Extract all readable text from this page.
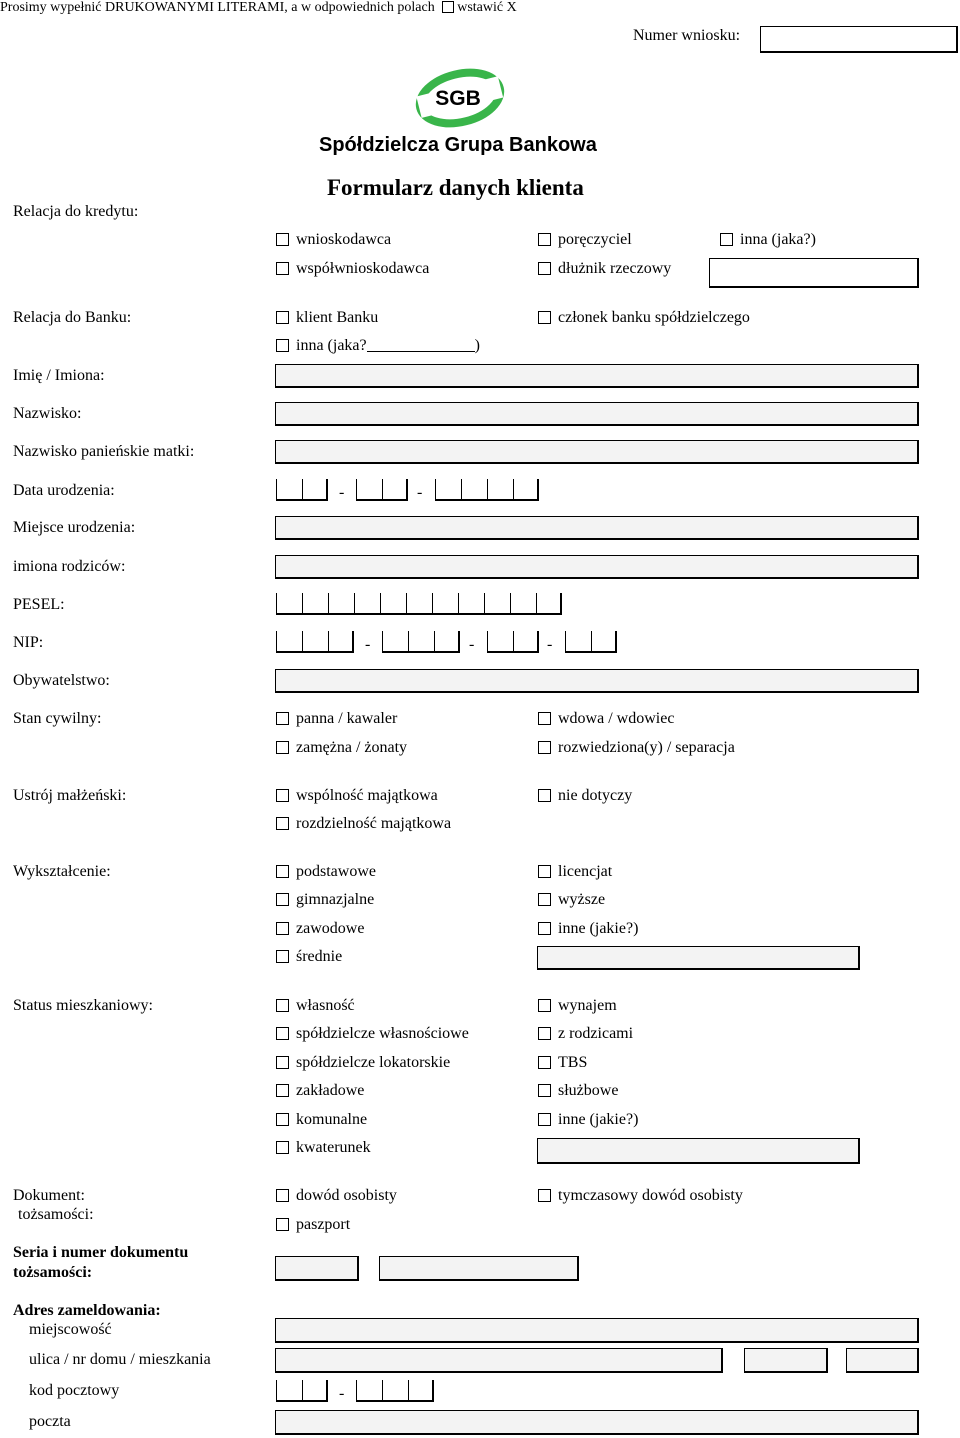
Prosimy wypełnić DRUKOWANYMI LITERAMI, a w odpowiednich polach wstawić X
Numer wniosku:
SGB
Spółdzielcza Grupa Bankowa
Formularz danych klienta
Relacja do kredytu:
wnioskodawca	poręczyciel	inna (jaka?)
współwnioskodawca	dłużnik rzeczowy
Relacja do Banku:	klient Banku	członek banku spółdzielczego
inna (jaka?	)
Imię / Imiona:
Nazwisko:
Nazwisko panieńskie matki:
Data urodzenia:	-	-
Miejsce urodzenia:
imiona rodziców:
PESEL:
NIP:	-	-	-
Obywatelstwo:
Stan cywilny:	panna / kawaler	wdowa / wdowiec
zamężna / żonaty	rozwiedziona(y) / separacja
Ustrój małżeński:	wspólność majątkowa	nie dotyczy
rozdzielność majątkowa
Wykształcenie:	podstawowe	licencjat
gimnazjalne	wyższe
zawodowe	inne (jakie?)
średnie
Status mieszkaniowy:	własność	wynajem
spółdzielcze własnościowe	z rodzicami
spółdzielcze lokatorskie	TBS
zakładowe	służbowe
komunalne	inne (jakie?)
kwaterunek
Dokument:
tożsamości:
dowód osobisty	tymczasowy dowód osobisty
paszport
Seria i numer dokumentu
tożsamości:
Adres zameldowania:
miejscowość
ulica / nr domu / mieszkania
kod pocztowy	-
poczta
